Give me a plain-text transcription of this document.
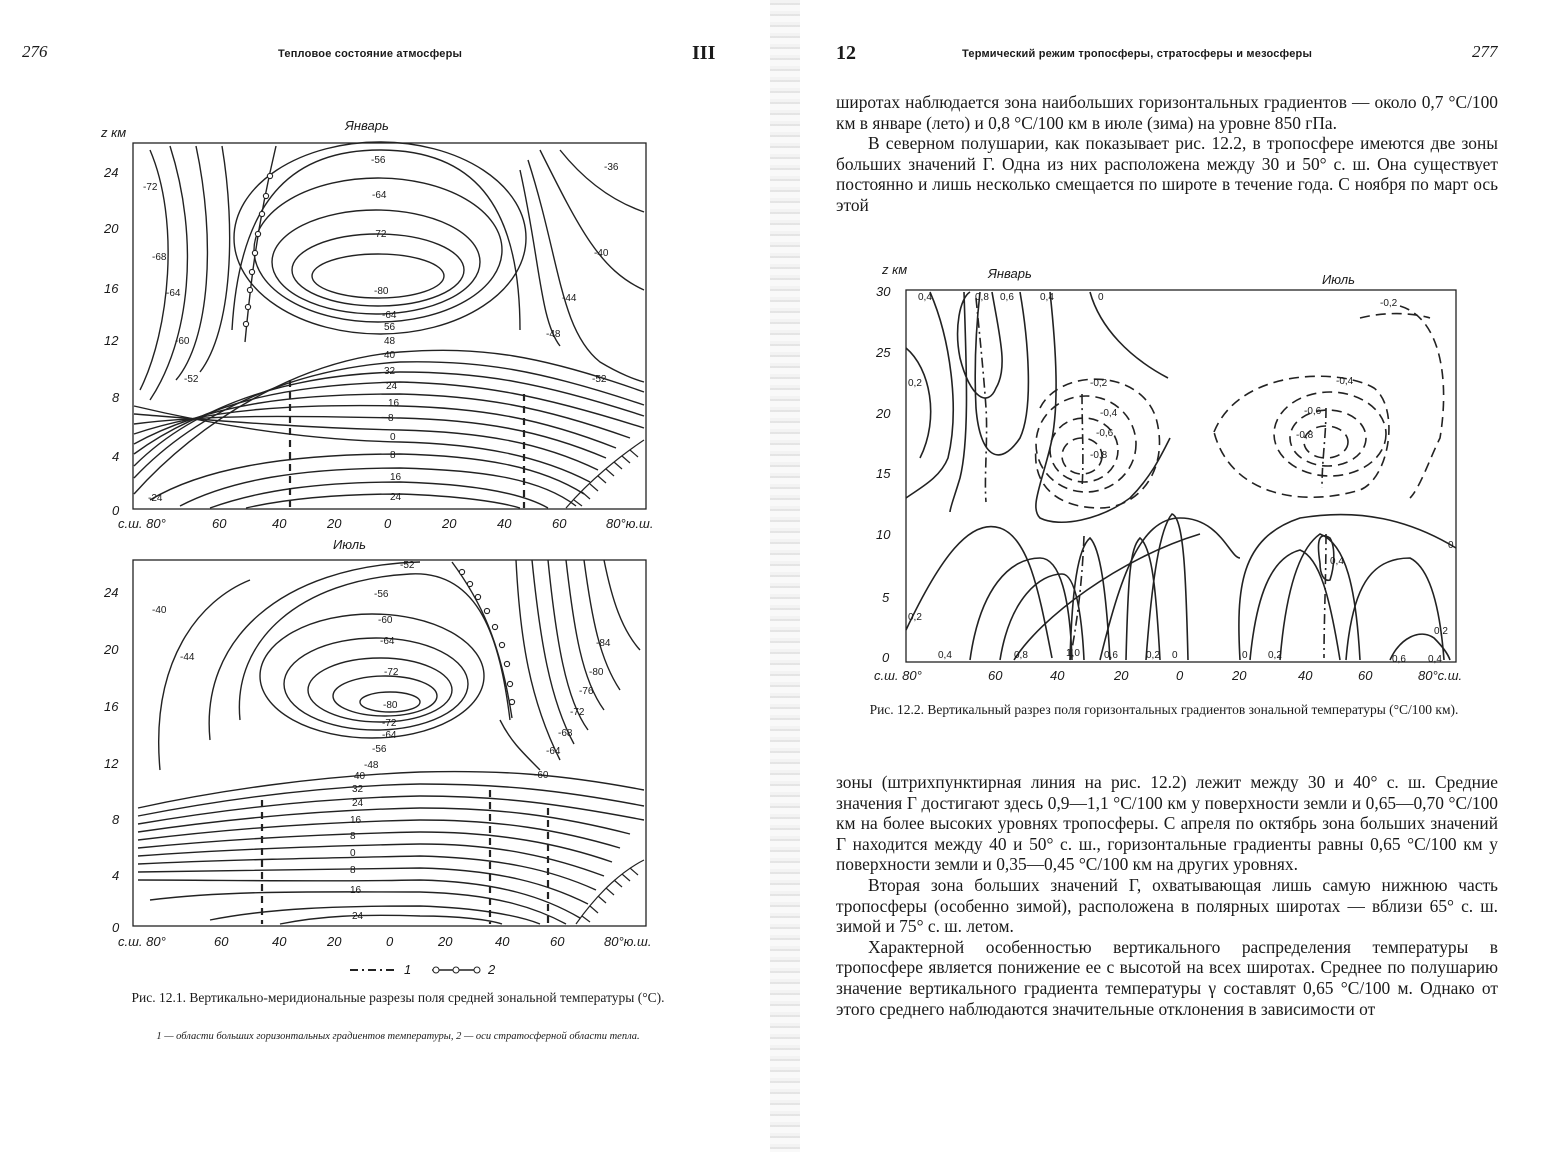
276	Тепловое состояние атмосферы	III
z км	Январь
0
4
8
12
16
20
24
с.ш. 80°	60	40	20	0	20	40	60	80°ю.ш.
-56
-64
-72
-80
-64
56
48
40
32
24
16
8
0
8
16
24
-72
-68
-64
-60
-52
-24
-36
-40
-44
-48
-52
Июль
0
4
8
12
16
20
24
с.ш. 80°	60	40	20	0	20	40	60	80°ю.ш.
-52
-56
-60
-64
-72
-80
-72
-64
-56
-48
40
32
24
16
8
0
8
16
24
-40
-44
-84
-80
-76
-72
-68
-64
-60
1	2

Рис. 12.1. Вертикально-меридиональные разрезы поля средней зональной температуры (°С).

1 — области больших горизонтальных градиентов температуры, 2 — оси стратосферной области тепла.

12	Термический режим тропосферы, стратосферы и мезосферы	277

широтах наблюдается зона наибольших горизонтальных градиентов — около 0,7 °С/100 км в январе (лето) и 0,8 °С/100 км в июле (зима) на уровне 850 гПа.

В северном полушарии, как показывает рис. 12.2, в тропосфере имеются две зоны больших значений Г. Одна из них расположена между 30 и 50° с. ш. Она существует постоянно и лишь несколько смещается по широте в течение года. С ноября по март ось этой

z км	Январь	Июль
0
5
10
15
20
25
30
с.ш. 80°	60	40	20	0	20	40	60	80°с.ш.
0,4	0,8 0,6	0,4	0
0,2	-0,2
-0,4
-0,6
-0,8
0,2
0,4	0,8	1,0 0,6	0,2 0	0 0,2
-0,2
-0,4
-0,6
-0,8
0
0,4
0,2
0,6 0,4

Рис. 12.2. Вертикальный разрез поля горизонтальных градиентов зональной температуры (°С/100 км).

зоны (штрихпунктирная линия на рис. 12.2) лежит между 30 и 40° с. ш. Средние значения Г достигают здесь 0,9—1,1 °С/100 км у поверхности земли и 0,65—0,70 °С/100 км на более высоких уровнях тропосферы. С апреля по октябрь зона больших значений Г находится между 40 и 50° с. ш., горизонтальные градиенты равны 0,65 °С/100 км у поверхности земли и 0,35—0,45 °С/100 км на других уровнях.

Вторая зона больших значений Г, охватывающая лишь самую нижнюю часть тропосферы (особенно зимой), расположена в полярных широтах — вблизи 65° с. ш. зимой и 75° с. ш. летом.

Характерной особенностью вертикального распределения температуры в тропосфере является понижение ее с высотой на всех широтах. Среднее по полушарию значение вертикального градиента температуры γ составлят 0,65 °С/100 м. Однако от этого среднего наблюдаются значительные отклонения в зависимости от
